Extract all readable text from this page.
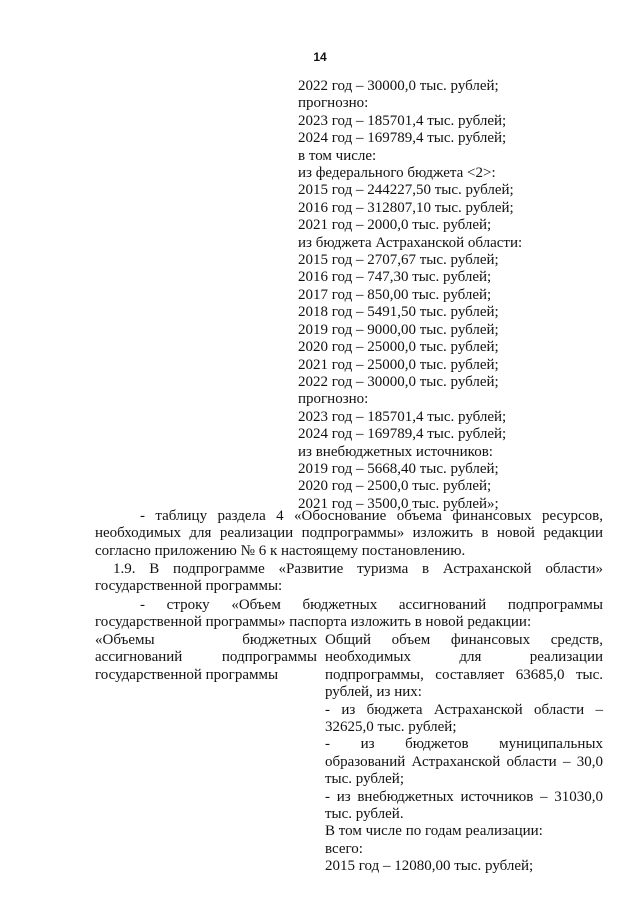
14
2022 год – 30000,0 тыс. рублей;
прогнозно:
2023 год – 185701,4 тыс. рублей;
2024 год – 169789,4 тыс. рублей;
в том числе:
из федерального бюджета <2>:
2015 год – 244227,50 тыс. рублей;
2016 год – 312807,10 тыс. рублей;
2021 год – 2000,0 тыс. рублей;
из бюджета Астраханской области:
2015 год – 2707,67 тыс. рублей;
2016 год – 747,30 тыс. рублей;
2017 год – 850,00 тыс. рублей;
2018 год – 5491,50 тыс. рублей;
2019 год – 9000,00 тыс. рублей;
2020 год – 25000,0 тыс. рублей;
2021 год – 25000,0 тыс. рублей;
2022 год – 30000,0 тыс. рублей;
прогнозно:
2023 год – 185701,4 тыс. рублей;
2024 год – 169789,4 тыс. рублей;
из внебюджетных источников:
2019 год – 5668,40 тыс. рублей;
2020 год – 2500,0 тыс. рублей;
2021 год – 3500,0 тыс. рублей»;
- таблицу раздела 4 «Обоснование объема финансовых ресурсов, необходимых для реализации подпрограммы» изложить в новой редакции согласно приложению № 6 к настоящему постановлению.
1.9. В подпрограмме «Развитие туризма в Астраханской области» государственной программы:
- строку «Объем бюджетных ассигнований подпрограммы государственной программы» паспорта изложить в новой редакции:
«Объемы бюджетных ассигнований подпрограммы государственной программы
Общий объем финансовых средств, необходимых для реализации подпрограммы, составляет 63685,0 тыс. рублей, из них:
- из бюджета Астраханской области – 32625,0 тыс. рублей;
- из бюджетов муниципальных образований Астраханской области – 30,0 тыс. рублей;
- из внебюджетных источников – 31030,0 тыс. рублей.
В том числе по годам реализации:
всего:
2015 год – 12080,00 тыс. рублей;
